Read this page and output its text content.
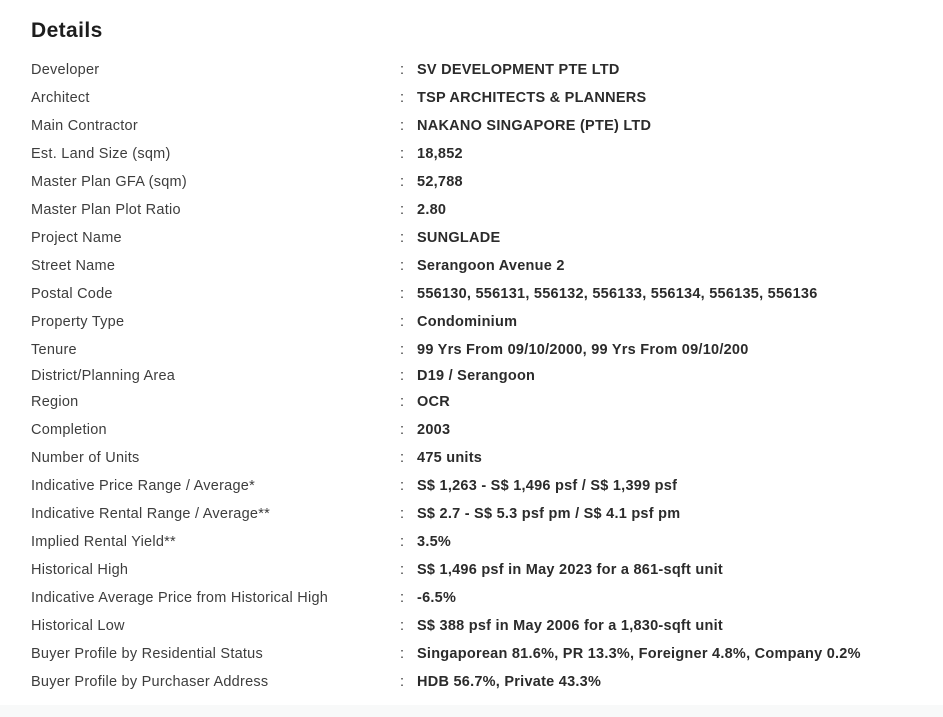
Details
Developer	: SV DEVELOPMENT PTE LTD
Architect	: TSP ARCHITECTS & PLANNERS
Main Contractor	: NAKANO SINGAPORE (PTE) LTD
Est. Land Size (sqm)	: 18,852
Master Plan GFA (sqm)	: 52,788
Master Plan Plot Ratio	: 2.80
Project Name	: SUNGLADE
Street Name	: Serangoon Avenue 2
Postal Code	: 556130, 556131, 556132, 556133, 556134, 556135, 556136
Property Type	: Condominium
Tenure	: 99 Yrs From 09/10/2000, 99 Yrs From 09/10/200
District/Planning Area	: D19 / Serangoon
Region	: OCR
Completion	: 2003
Number of Units	: 475 units
Indicative Price Range / Average*	: S$ 1,263 - S$ 1,496 psf / S$ 1,399 psf
Indicative Rental Range / Average**	: S$ 2.7 - S$ 5.3 psf pm / S$ 4.1 psf pm
Implied Rental Yield**	: 3.5%
Historical High	: S$ 1,496 psf in May 2023 for a 861-sqft unit
Indicative Average Price from Historical High	: -6.5%
Historical Low	: S$ 388 psf in May 2006 for a 1,830-sqft unit
Buyer Profile by Residential Status	: Singaporean 81.6%, PR 13.3%, Foreigner 4.8%, Company 0.2%
Buyer Profile by Purchaser Address	: HDB 56.7%, Private 43.3%
